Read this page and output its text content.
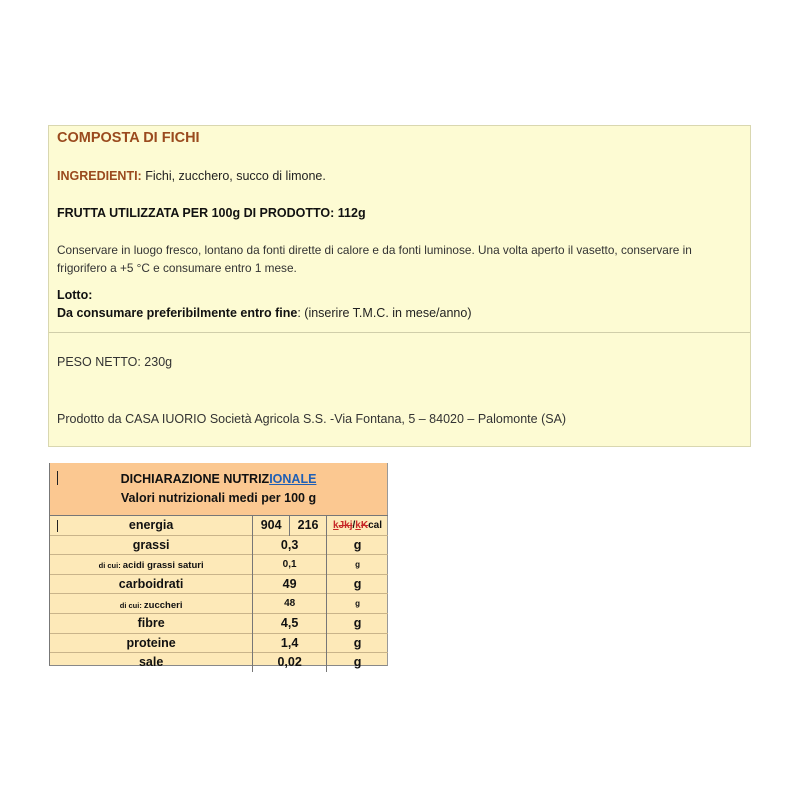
COMPOSTA DI FICHI
INGREDIENTI: Fichi, zucchero, succo di limone.
FRUTTA UTILIZZATA PER 100g DI PRODOTTO: 112g
Conservare in luogo fresco, lontano da fonti dirette di calore e da fonti luminose. Una volta aperto il vasetto, conservare in
frigorifero a +5 °C e consumare entro 1 mese.
Lotto:
Da consumare preferibilmente entro fine: (inserire T.M.C. in mese/anno)
PESO NETTO: 230g
Prodotto da CASA IUORIO Società Agricola S.S. -Via Fontana, 5 – 84020 – Palomonte (SA)
DICHIARAZIONE NUTRIZIONALE
Valori nutrizionali medi per 100 g
energia	904	216	kJkj/kKcal
grassi	0,3		g
di cui: acidi grassi saturi	0,1		g
carboidrati	49		g
di cui: zuccheri	48		g
fibre	4,5		g
proteine	1,4		g
sale	0,02		g
